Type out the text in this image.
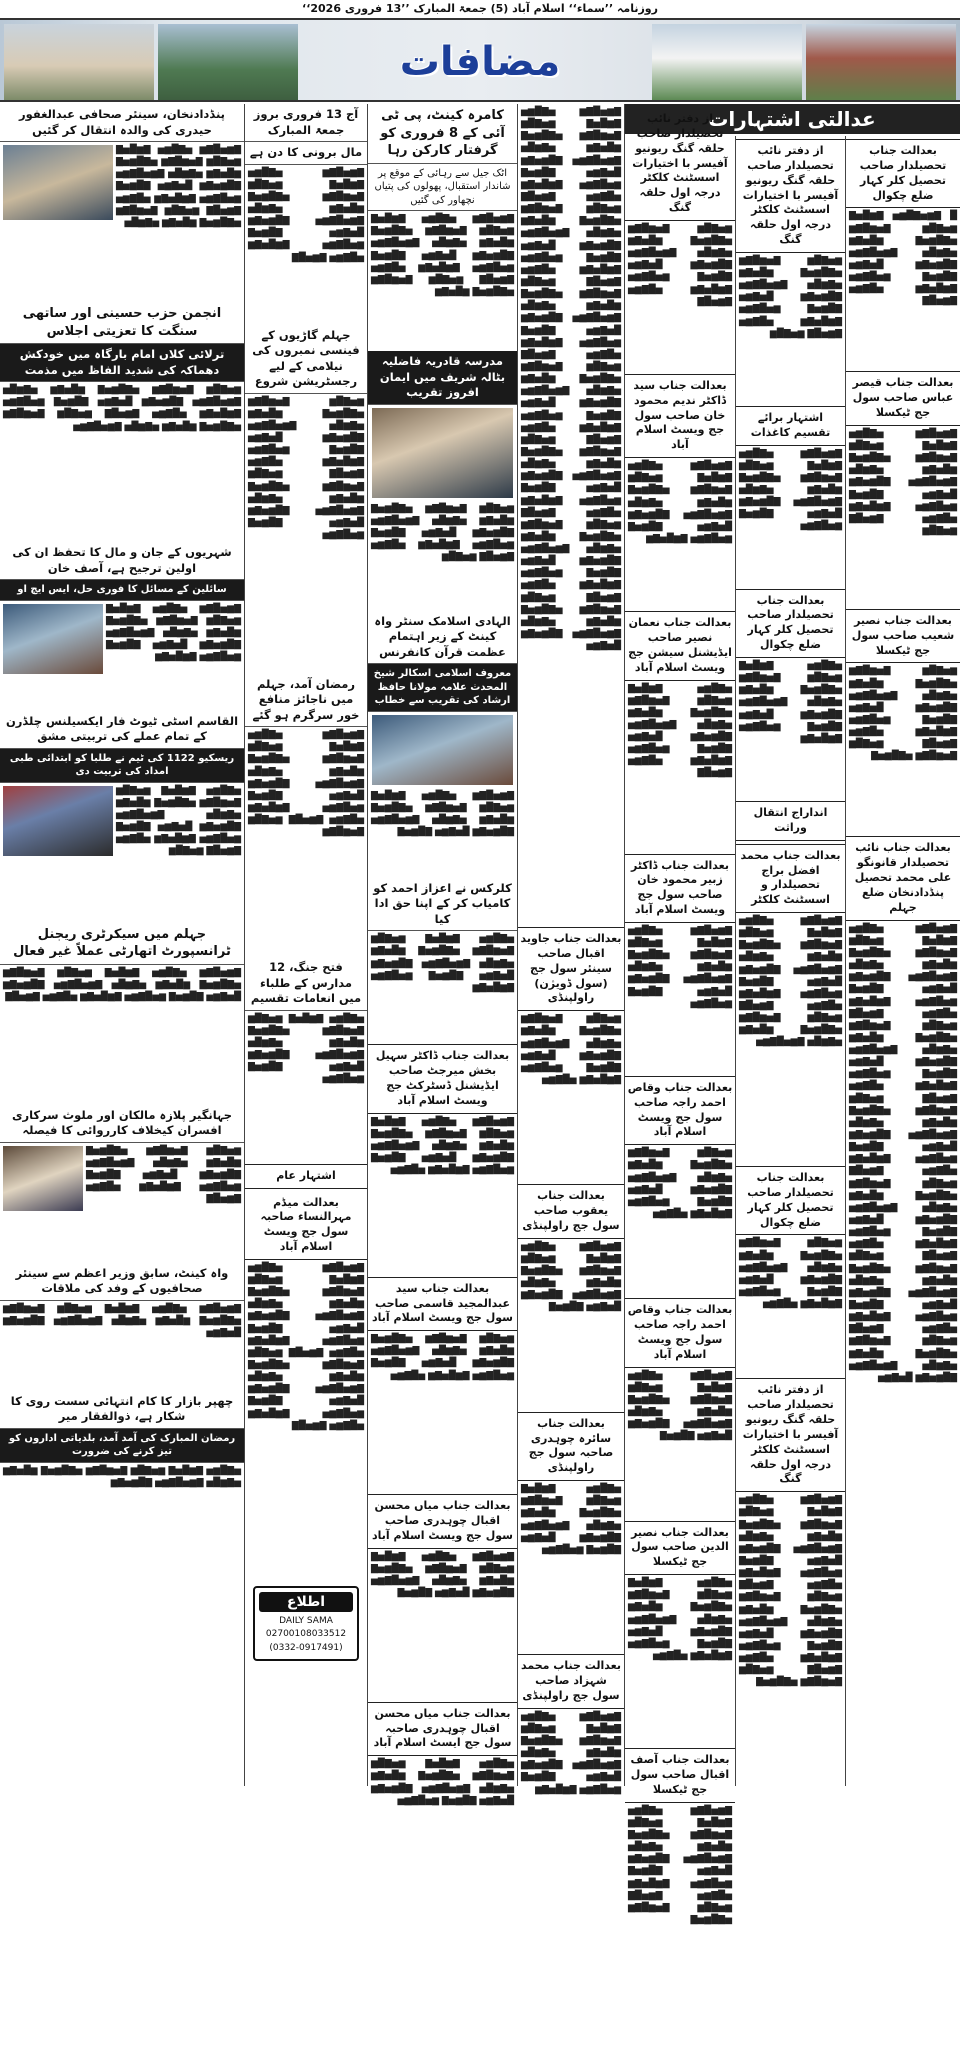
روزنامہ ’’سماء‘‘ اسلام آباد (5) جمعۃ المبارک ’’13 فروری 2026‘‘
مضافات
عدالتی اشتہارات
بعدالت جناب تحصیلدار صاحب تحصیل کلر کہار ضلع چکوال
█ ▇▆▅▇█▆▅ ▇▆█▅▇ ▆▅▇█▆ ▇▅▆█▇▆ ▅▇█▆▅▇ ▆█▅▇▆ ▅▇▆█▅ ▇▆▅█▇▆▅ ▇█▆▅▇▆ █▅▇▆▅ ▇█▆▅▇ ▆▅█▇▆▅ ▇▆█▅▇▆ ▅█▇▆▅ ▇▆▅█▇
بعدالت جناب قیصر عباس صاحب سول جج ٹیکسلا
▇▆▅█▇▆ ▅▇█▆▅ ▇▆█▅▇ ▆▅▇█▆ ▇▅▆█▇▆ ▅▇█▆▅▇ ▆█▅▇▆ ▅▇▆█▅ ▇▆▅█▇▆▅ ▇█▆▅▇▆ █▅▇▆▅ ▇█▆▅▇ ▆▅█▇▆▅ ▇▆█▅▇▆ ▅█▇▆▅ ▇▆▅█▇ ▆▅▇█▆
بعدالت جناب نصیر شعیب صاحب سول جج ٹیکسلا
▆▅▇█▆ ▇▅▆█▇▆ ▅▇█▆▅▇ ▆█▅▇▆ ▅▇▆█▅ ▇▆▅█▇▆▅ ▇█▆▅▇▆ █▅▇▆▅ ▇█▆▅▇ ▆▅█▇▆▅ ▇▆█▅▇▆ ▅█▇▆▅ ▇▆▅█▇ ▆▅▇█▆ ▇▅▆█▇▆ ▅▇█▆▅▇
بعدالت جناب نائب تحصیلدار قانونگو علی محمد تحصیل پنڈدادنخان ضلع جہلم
▇▆▅█▇▆ ▅▇█▆▅ ▇▆█▅▇ ▆▅▇█▆ ▇▅▆█▇▆ ▅▇█▆▅▇ ▆█▅▇▆ ▅▇▆█▅ ▇▆▅█▇▆▅ ▇█▆▅▇▆ █▅▇▆▅ ▇█▆▅▇ ▆▅█▇▆▅ ▇▆█▅▇▆ ▅█▇▆▅ ▇▆▅█▇ ▆▅▇█▆ ▇▅▆█▇▆ ▅▇█▆▅▇ ▆█▅▇▆ ▅▇▆█▅ ▇▆▅█▇▆▅ ▇█▆▅▇▆ █▅▇▆▅ ▇█▆▅▇ ▆▅█▇▆▅ ▇▆█▅▇▆ ▅█▇▆▅ ▇▆▅█▇ ▆▅▇█▆ ▇▅▆█▇▆ ▅▇█▆▅▇ ▆█▅▇▆ ▅▇▆█▅ ▇▆▅█▇▆▅ ▇█▆▅▇▆ █▅▇▆▅ ▇█▆▅▇ ▆▅█▇▆▅ ▇▆█▅▇▆ ▅█▇▆▅ ▇▆▅█▇ ▆▅▇█▆ ▇▅▆█▇▆ ▅▇█▆▅▇ ▆█▅▇▆ ▅▇▆█▅ ▇▆▅█▇▆▅ ▇█▆▅▇▆ █▅▇▆▅ ▇█▆▅▇ ▆▅█▇▆▅ ▇▆█▅▇▆ ▅█▇▆▅ ▇▆▅█▇ ▆▅▇█▆ ▇▅▆█▇▆ ▅▇█▆▅▇ ▆█▅▇▆ ▅▇▆█▅ ▇▆▅█▇▆▅ ▇█▆▅▇▆ █▅▇▆▅ ▇█▆▅▇ ▆▅█▇▆▅ ▇▆█▅▇▆ ▅█▇▆▅ ▇▆▅█▇ ▆▅▇█▆ ▇▅▆█▇▆ ▅▇█▆▅▇ ▆█▅▇▆ ▅▇▆█▅ ▇▆▅█▇▆▅ ▇█▆▅▇▆ █▅▇▆▅
از دفتر نائب تحصیلدار صاحب حلقہ گنگ ریونیو آفیسر با اختیارات اسسٹنٹ کلکٹر درجہ اول حلقہ گنگ
▆▅▇█▆ ▇▅▆█▇▆ ▅▇█▆▅▇ ▆█▅▇▆ ▅▇▆█▅ ▇▆▅█▇▆▅ ▇█▆▅▇▆ █▅▇▆▅ ▇█▆▅▇ ▆▅█▇▆▅ ▇▆█▅▇▆ ▅█▇▆▅ ▇▆▅█▇ ▆▅▇█▆
اشتہار برائے تقسیم کاغذات
▇▆▅█▇▆ ▅▇█▆▅ ▇▆█▅▇ ▆▅▇█▆ ▇▅▆█▇▆ ▅▇█▆▅▇ ▆█▅▇▆ ▅▇▆█▅ ▇▆▅█▇▆▅ ▇█▆▅▇▆ █▅▇▆▅ ▇█▆▅▇ ▆▅█▇▆▅
بعدالت جناب تحصیلدار صاحب تحصیل کلر کہار ضلع چکوال
▅▇█▆▅ ▇▆█▅▇ ▆▅▇█▆ ▇▅▆█▇▆ ▅▇█▆▅▇ ▆█▅▇▆ ▅▇▆█▅ ▇▆▅█▇▆▅ ▇█▆▅▇▆ █▅▇▆▅ ▇█▆▅▇ ▆▅█▇▆▅ ▇▆█▅▇▆
انداراج انتقال وراثت
بعدالت جناب محمد افضل براج تحصیلدار و اسسٹنٹ کلکٹر
▇▆▅█▇▆ ▅▇█▆▅ ▇▆█▅▇ ▆▅▇█▆ ▇▅▆█▇▆ ▅▇█▆▅▇ ▆█▅▇▆ ▅▇▆█▅ ▇▆▅█▇▆▅ ▇█▆▅▇▆ █▅▇▆▅ ▇█▆▅▇ ▆▅█▇▆▅ ▇▆█▅▇▆ ▅█▇▆▅ ▇▆▅█▇ ▆▅▇█▆ ▇▅▆█▇▆ ▅▇█▆▅▇ ▆█▅▇▆ ▅▇▆█▅ ▇▆▅█▇▆▅
بعدالت جناب تحصیلدار صاحب تحصیل کلر کہار ضلع چکوال
▆▅▇█▆ ▇▅▆█▇▆ ▅▇█▆▅▇ ▆█▅▇▆ ▅▇▆█▅ ▇▆▅█▇▆▅ ▇█▆▅▇▆ █▅▇▆▅ ▇█▆▅▇ ▆▅█▇▆▅ ▇▆█▅▇▆ ▅█▇▆▅
از دفتر نائب تحصیلدار صاحب حلقہ گنگ ریونیو آفیسر با اختیارات اسسٹنٹ کلکٹر درجہ اول حلقہ گنگ
▇▆▅█▇▆ ▅▇█▆▅ ▇▆█▅▇ ▆▅▇█▆ ▇▅▆█▇▆ ▅▇█▆▅▇ ▆█▅▇▆ ▅▇▆█▅ ▇▆▅█▇▆▅ ▇█▆▅▇▆ █▅▇▆▅ ▇█▆▅▇ ▆▅█▇▆▅ ▇▆█▅▇▆ ▅█▇▆▅ ▇▆▅█▇ ▆▅▇█▆ ▇▅▆█▇▆ ▅▇█▆▅▇ ▆█▅▇▆ ▅▇▆█▅ ▇▆▅█▇▆▅ ▇█▆▅▇▆ █▅▇▆▅ ▇█▆▅▇ ▆▅█▇▆▅ ▇▆█▅▇▆ ▅█▇▆▅ ▇▆▅█▇ ▆▅▇█▆ ▇▅▆█▇▆ ▅▇█▆▅▇
از دفتر نائب تحصیلدار صاحب حلقہ گنگ ریونیو آفیسر با اختیارات اسسٹنٹ کلکٹر درجہ اول حلقہ گنگ
▆▅▇█▆ ▇▅▆█▇▆ ▅▇█▆▅▇ ▆█▅▇▆ ▅▇▆█▅ ▇▆▅█▇▆▅ ▇█▆▅▇▆ █▅▇▆▅ ▇█▆▅▇ ▆▅█▇▆▅ ▇▆█▅▇▆ ▅█▇▆▅ ▇▆▅█▇
بعدالت جناب سید ڈاکٹر ندیم محمود خان صاحب سول جج ویسٹ اسلام آباد
▇▆▅█▇▆ ▅▇█▆▅ ▇▆█▅▇ ▆▅▇█▆ ▇▅▆█▇▆ ▅▇█▆▅▇ ▆█▅▇▆ ▅▇▆█▅ ▇▆▅█▇▆▅ ▇█▆▅▇▆ █▅▇▆▅ ▇█▆▅▇ ▆▅█▇▆▅ ▇▆█▅▇▆
بعدالت جناب نعمان نصیر صاحب ایڈیشنل سیشن جج ویسٹ اسلام آباد
▅▇█▆▅ ▇▆█▅▇ ▆▅▇█▆ ▇▅▆█▇▆ ▅▇█▆▅▇ ▆█▅▇▆ ▅▇▆█▅ ▇▆▅█▇▆▅ ▇█▆▅▇▆ █▅▇▆▅ ▇█▆▅▇ ▆▅█▇▆▅ ▇▆█▅▇▆ ▅█▇▆▅ ▇▆▅█▇
بعدالت جناب ڈاکٹر زبیر محمود خان صاحب سول جج ویسٹ اسلام آباد
▇▆▅█▇▆ ▅▇█▆▅ ▇▆█▅▇ ▆▅▇█▆ ▇▅▆█▇▆ ▅▇█▆▅▇ ▆█▅▇▆ ▅▇▆█▅ ▇▆▅█▇▆▅ ▇█▆▅▇▆ █▅▇▆▅ ▇█▆▅▇ ▆▅█▇▆▅
بعدالت جناب وقاص احمد راجہ صاحب سول جج ویسٹ اسلام آباد
▆▅▇█▆ ▇▅▆█▇▆ ▅▇█▆▅▇ ▆█▅▇▆ ▅▇▆█▅ ▇▆▅█▇▆▅ ▇█▆▅▇▆ █▅▇▆▅ ▇█▆▅▇ ▆▅█▇▆▅ ▇▆█▅▇▆ ▅█▇▆▅
بعدالت جناب وقاص احمد راجہ صاحب سول جج ویسٹ اسلام آباد
▇▆▅█▇▆ ▅▇█▆▅ ▇▆█▅▇ ▆▅▇█▆ ▇▅▆█▇▆ ▅▇█▆▅▇ ▆█▅▇▆ ▅▇▆█▅ ▇▆▅█▇▆▅ ▇█▆▅▇▆ █▅▇▆▅ ▇█▆▅▇
بعدالت جناب نصیر الدین صاحب سول جج ٹیکسلا
▅▇█▆▅ ▇▆█▅▇ ▆▅▇█▆ ▇▅▆█▇▆ ▅▇█▆▅▇ ▆█▅▇▆ ▅▇▆█▅ ▇▆▅█▇▆▅ ▇█▆▅▇▆ █▅▇▆▅ ▇█▆▅▇ ▆▅█▇▆▅ ▇▆█▅▇▆ ▅█▇▆▅
بعدالت جناب آصف اقبال صاحب سول جج ٹیکسلا
▇▆▅█▇▆ ▅▇█▆▅ ▇▆█▅▇ ▆▅▇█▆ ▇▅▆█▇▆ ▅▇█▆▅▇ ▆█▅▇▆ ▅▇▆█▅ ▇▆▅█▇▆▅ ▇█▆▅▇▆ █▅▇▆▅ ▇█▆▅▇ ▆▅█▇▆▅ ▇▆█▅▇▆ ▅█▇▆▅ ▇▆▅█▇ ▆▅▇█▆ ▇▅▆█▇▆ ▅▇█▆▅▇
کامرہ کینٹ، پی ٹی آئی کے 8 فروری کو گرفتار کارکن رہا
اٹک جیل سے رہائی کے موقع پر شاندار استقبال، پھولوں کی پتیاں نچھاور کی گئیں
▇▆▅█▇▆ ▅▇█▆▅ ▇▆█▅▇ ▆▅▇█▆ ▇▅▆█▇▆ ▅▇█▆▅▇ ▆█▅▇▆ ▅▇▆█▅ ▇▆▅█▇▆▅ ▇█▆▅▇▆ █▅▇▆▅ ▇█▆▅▇ ▆▅█▇▆▅ ▇▆█▅▇▆ ▅█▇▆▅ ▇▆▅█▇ ▆▅▇█▆ ▇▅▆█▇▆ ▅▇█▆▅▇ ▆█▅▇▆
مدرسہ قادریہ فاضلیہ بٹالہ شریف میں ایمان افروز تقریب
▆▅▇█▆ ▇▅▆█▇▆ ▅▇█▆▅▇ ▆█▅▇▆ ▅▇▆█▅ ▇▆▅█▇▆▅ ▇█▆▅▇▆ █▅▇▆▅ ▇█▆▅▇ ▆▅█▇▆▅ ▇▆█▅▇▆ ▅█▇▆▅ ▇▆▅█▇ ▆▅▇█▆
الہادی اسلامک سنٹر واہ کینٹ کے زیر اہتمام عظمت قرآن کانفرنس
معروف اسلامی اسکالر شیخ المحدث علامہ مولانا حافظ ارشاد کی تقریب سے خطاب
▇▆▅█▇▆ ▅▇█▆▅ ▇▆█▅▇ ▆▅▇█▆ ▇▅▆█▇▆ ▅▇█▆▅▇ ▆█▅▇▆ ▅▇▆█▅ ▇▆▅█▇▆▅ ▇█▆▅▇▆ █▅▇▆▅ ▇█▆▅▇
کلرکس نے اعزاز احمد کو کامیاب کر کے اپنا حق ادا کیا
▅▇█▆▅ ▇▆█▅▇ ▆▅▇█▆ ▇▅▆█▇▆ ▅▇█▆▅▇ ▆█▅▇▆ ▅▇▆█▅ ▇▆▅█▇▆▅ ▇█▆▅▇▆ █▅▇▆▅ ▇█▆▅▇ ▆▅█▇▆▅ ▇▆█▅▇▆
بعدالت جناب ڈاکٹر سہیل بخش میرجٹ صاحب ایڈیشنل ڈسٹرکٹ جج ویسٹ اسلام آباد
▇▆▅█▇▆ ▅▇█▆▅ ▇▆█▅▇ ▆▅▇█▆ ▇▅▆█▇▆ ▅▇█▆▅▇ ▆█▅▇▆ ▅▇▆█▅ ▇▆▅█▇▆▅ ▇█▆▅▇▆ █▅▇▆▅ ▇█▆▅▇ ▆▅█▇▆▅ ▇▆█▅▇▆ ▅█▇▆▅
بعدالت جناب سید عبدالمجید قاسمی صاحب سول جج ویسٹ اسلام آباد
▆▅▇█▆ ▇▅▆█▇▆ ▅▇█▆▅▇ ▆█▅▇▆ ▅▇▆█▅ ▇▆▅█▇▆▅ ▇█▆▅▇▆ █▅▇▆▅ ▇█▆▅▇ ▆▅█▇▆▅ ▇▆█▅▇▆ ▅█▇▆▅
بعدالت جناب میاں محسن اقبال چوہدری صاحب سول جج ویسٹ اسلام آباد
▇▆▅█▇▆ ▅▇█▆▅ ▇▆█▅▇ ▆▅▇█▆ ▇▅▆█▇▆ ▅▇█▆▅▇ ▆█▅▇▆ ▅▇▆█▅ ▇▆▅█▇▆▅ ▇█▆▅▇▆ █▅▇▆▅ ▇█▆▅▇
بعدالت جناب میاں محسن اقبال چوہدری صاحبہ سول جج ایسٹ اسلام آباد
▅▇█▆▅ ▇▆█▅▇ ▆▅▇█▆ ▇▅▆█▇▆ ▅▇█▆▅▇ ▆█▅▇▆ ▅▇▆█▅ ▇▆▅█▇▆▅ ▇█▆▅▇▆ █▅▇▆▅ ▇█▆▅▇ ▆▅█▇▆▅
▇▆▅█▇▆ ▅▇█▆▅ ▇▆█▅▇ ▆▅▇█▆ ▇▅▆█▇▆ ▅▇█▆▅▇ ▆█▅▇▆ ▅▇▆█▅ ▇▆▅█▇▆▅ ▇█▆▅▇▆ █▅▇▆▅ ▇█▆▅▇ ▆▅█▇▆▅ ▇▆█▅▇▆ ▅█▇▆▅ ▇▆▅█▇ ▆▅▇█▆ ▇▅▆█▇▆ ▅▇█▆▅▇ ▆█▅▇▆ ▅▇▆█▅ ▇▆▅█▇▆▅ ▇█▆▅▇▆ █▅▇▆▅ ▇█▆▅▇ ▆▅█▇▆▅ ▇▆█▅▇▆ ▅█▇▆▅ ▇▆▅█▇ ▆▅▇█▆ ▇▅▆█▇▆ ▅▇█▆▅▇ ▆█▅▇▆ ▅▇▆█▅ ▇▆▅█▇▆▅ ▇█▆▅▇▆ █▅▇▆▅ ▇█▆▅▇ ▆▅█▇▆▅ ▇▆█▅▇▆ ▅█▇▆▅ ▇▆▅█▇ ▆▅▇█▆ ▇▅▆█▇▆ ▅▇█▆▅▇ ▆█▅▇▆ ▅▇▆█▅ ▇▆▅█▇▆▅ ▇█▆▅▇▆ █▅▇▆▅ ▇█▆▅▇ ▆▅█▇▆▅ ▇▆█▅▇▆ ▅█▇▆▅ ▇▆▅█▇ ▆▅▇█▆ ▇▅▆█▇▆ ▅▇█▆▅▇ ▆█▅▇▆ ▅▇▆█▅ ▇▆▅█▇▆▅ ▇█▆▅▇▆ █▅▇▆▅ ▇█▆▅▇ ▆▅█▇▆▅ ▇▆█▅▇▆ ▅█▇▆▅ ▇▆▅█▇ ▆▅▇█▆ ▇▅▆█▇▆ ▅▇█▆▅▇ ▆█▅▇▆ ▅▇▆█▅ ▇▆▅█▇▆▅ ▇█▆▅▇▆ █▅▇▆▅ ▇█▆▅▇ ▆▅█▇▆▅ ▇▆█▅▇▆ ▅█▇▆▅ ▇▆▅█▇ ▆▅▇█▆ ▇▅▆█▇▆ ▅▇█▆▅▇ ▆█▅▇▆ ▅▇▆█▅ ▇▆▅█▇▆▅ ▇█▆▅▇▆ █▅▇▆▅
بعدالت جناب جاوید اقبال صاحب سینئر سول جج (سول ڈویژن) راولپنڈی
▆▅▇█▆ ▇▅▆█▇▆ ▅▇█▆▅▇ ▆█▅▇▆ ▅▇▆█▅ ▇▆▅█▇▆▅ ▇█▆▅▇▆ █▅▇▆▅ ▇█▆▅▇ ▆▅█▇▆▅ ▇▆█▅▇▆ ▅█▇▆▅
بعدالت جناب یعقوب صاحب سول جج راولپنڈی
▇▆▅█▇▆ ▅▇█▆▅ ▇▆█▅▇ ▆▅▇█▆ ▇▅▆█▇▆ ▅▇█▆▅▇ ▆█▅▇▆ ▅▇▆█▅ ▇▆▅█▇▆▅ ▇█▆▅▇▆ █▅▇▆▅ ▇█▆▅▇
بعدالت جناب سائرہ چوہدری صاحبہ سول جج راولپنڈی
▅▇█▆▅ ▇▆█▅▇ ▆▅▇█▆ ▇▅▆█▇▆ ▅▇█▆▅▇ ▆█▅▇▆ ▅▇▆█▅ ▇▆▅█▇▆▅ ▇█▆▅▇▆ █▅▇▆▅ ▇█▆▅▇ ▆▅█▇▆▅
بعدالت جناب محمد شہزاد صاحب سول جج راولپنڈی
▇▆▅█▇▆ ▅▇█▆▅ ▇▆█▅▇ ▆▅▇█▆ ▇▅▆█▇▆ ▅▇█▆▅▇ ▆█▅▇▆ ▅▇▆█▅ ▇▆▅█▇▆▅ ▇█▆▅▇▆ █▅▇▆▅ ▇█▆▅▇ ▆▅█▇▆▅ ▇▆█▅▇▆
آج 13 فروری بروز جمعۃ المبارک
مال برونی کا دن ہے
▇▆▅█▇▆ ▅▇█▆▅ ▇▆█▅▇ ▆▅▇█▆ ▇▅▆█▇▆ ▅▇█▆▅▇ ▆█▅▇▆ ▅▇▆█▅ ▇▆▅█▇▆▅ ▇█▆▅▇▆ █▅▇▆▅ ▇█▆▅▇ ▆▅█▇▆▅ ▇▆█▅▇▆ ▅█▇▆▅ ▇▆▅█▇
جہلم گاڑیوں کے فینسی نمبروں کی نیلامی کے لیے رجسٹریشن شروع
▆▅▇█▆ ▇▅▆█▇▆ ▅▇█▆▅▇ ▆█▅▇▆ ▅▇▆█▅ ▇▆▅█▇▆▅ ▇█▆▅▇▆ █▅▇▆▅ ▇█▆▅▇ ▆▅█▇▆▅ ▇▆█▅▇▆ ▅█▇▆▅ ▇▆▅█▇ ▆▅▇█▆ ▇▅▆█▇▆ ▅▇█▆▅▇ ▆█▅▇▆ ▅▇▆█▅ ▇▆▅█▇▆▅ ▇█▆▅▇▆ █▅▇▆▅ ▇█▆▅▇ ▆▅█▇▆▅
رمضان آمد، جہلم میں ناجائز منافع خور سرگرم ہو گئے
▇▆▅█▇▆ ▅▇█▆▅ ▇▆█▅▇ ▆▅▇█▆ ▇▅▆█▇▆ ▅▇█▆▅▇ ▆█▅▇▆ ▅▇▆█▅ ▇▆▅█▇▆▅ ▇█▆▅▇▆ █▅▇▆▅ ▇█▆▅▇ ▆▅█▇▆▅ ▇▆█▅▇▆ ▅█▇▆▅ ▇▆▅█▇ ▆▅▇█▆ ▇▅▆█▇▆
فتح جنگ، 12 مدارس کے طلباء میں انعامات تقسیم
▅▇█▆▅ ▇▆█▅▇ ▆▅▇█▆ ▇▅▆█▇▆ ▅▇█▆▅▇ ▆█▅▇▆ ▅▇▆█▅ ▇▆▅█▇▆▅ ▇█▆▅▇▆ █▅▇▆▅ ▇█▆▅▇ ▆▅█▇▆▅
اشتہار عام
بعدالت میڈم مہرالنساء صاحبہ سول جج ویسٹ اسلام آباد
▇▆▅█▇▆ ▅▇█▆▅ ▇▆█▅▇ ▆▅▇█▆ ▇▅▆█▇▆ ▅▇█▆▅▇ ▆█▅▇▆ ▅▇▆█▅ ▇▆▅█▇▆▅ ▇█▆▅▇▆ █▅▇▆▅ ▇█▆▅▇ ▆▅█▇▆▅ ▇▆█▅▇▆ ▅█▇▆▅ ▇▆▅█▇ ▆▅▇█▆ ▇▅▆█▇▆ ▅▇█▆▅▇ ▆█▅▇▆ ▅▇▆█▅ ▇▆▅█▇▆▅ ▇█▆▅▇▆ █▅▇▆▅ ▇█▆▅▇ ▆▅█▇▆▅ ▇▆█▅▇▆ ▅█▇▆▅ ▇▆▅█▇
اطلاع
DAILY SAMA
02700108033512
(0332-0917491)
پنڈدادنخان، سینئر صحافی عبدالغفور حیدری کی والدہ انتقال کر گئیں
▇▆▅█▇▆ ▅▇█▆▅ ▇▆█▅▇ ▆▅▇█▆ ▇▅▆█▇▆ ▅▇█▆▅▇ ▆█▅▇▆ ▅▇▆█▅ ▇▆▅█▇▆▅ ▇█▆▅▇▆ █▅▇▆▅ ▇█▆▅▇ ▆▅█▇▆▅ ▇▆█▅▇▆ ▅█▇▆▅ ▇▆▅█▇ ▆▅▇█▆ ▇▅▆█▇▆ ▅▇█▆▅▇ ▆█▅▇▆ ▅▇▆█▅
انجمن حزب حسینی اور ساتھی سنگت کا تعزیتی اجلاس
ترلائی کلاں امام بارگاہ میں خودکش دھماکہ کی شدید الفاظ میں مذمت
▆▅▇█▆ ▇▅▆█▇▆ ▅▇█▆▅▇ ▆█▅▇▆ ▅▇▆█▅ ▇▆▅█▇▆▅ ▇█▆▅▇▆ █▅▇▆▅ ▇█▆▅▇ ▆▅█▇▆▅ ▇▆█▅▇▆ ▅█▇▆▅ ▇▆▅█▇ ▆▅▇█▆ ▇▅▆█▇▆ ▅▇█▆▅▇ ▆█▅▇▆ ▅▇▆█▅ ▇▆▅█▇▆▅
شہریوں کے جان و مال کا تحفظ ان کی اولین ترجیح ہے، آصف خان
سائلین کے مسائل کا فوری حل، ایس ایچ او
▇▆▅█▇▆ ▅▇█▆▅ ▇▆█▅▇ ▆▅▇█▆ ▇▅▆█▇▆ ▅▇█▆▅▇ ▆█▅▇▆ ▅▇▆█▅ ▇▆▅█▇▆▅ ▇█▆▅▇▆ █▅▇▆▅ ▇█▆▅▇ ▆▅█▇▆▅ ▇▆█▅▇▆
القاسم اسٹی ٹیوٹ فار ایکسیلنس چلڈرن کے تمام عملے کی تربیتی مشق
ریسکیو 1122 کی ٹیم نے طلبا کو ابتدائی طبی امداد کی تربیت دی
▅▇█▆▅ ▇▆█▅▇ ▆▅▇█▆ ▇▅▆█▇▆ ▅▇█▆▅▇ ▆█▅▇▆ ▅▇▆█▅ ▇▆▅█▇▆▅ ▇█▆▅▇▆ █▅▇▆▅ ▇█▆▅▇ ▆▅█▇▆▅ ▇▆█▅▇▆ ▅█▇▆▅ ▇▆▅█▇ ▆▅▇█▆
جہلم میں سیکرٹری ریجنل ٹرانسپورٹ اتھارٹی عملاً غیر فعال
▇▆▅█▇▆ ▅▇█▆▅ ▇▆█▅▇ ▆▅▇█▆ ▇▅▆█▇▆ ▅▇█▆▅▇ ▆█▅▇▆ ▅▇▆█▅ ▇▆▅█▇▆▅ ▇█▆▅▇▆ █▅▇▆▅ ▇█▆▅▇ ▆▅█▇▆▅ ▇▆█▅▇▆ ▅█▇▆▅ ▇▆▅█▇
جہانگیر پلازہ مالکان اور ملوث سرکاری افسران کیخلاف کارروائی کا فیصلہ
▆▅▇█▆ ▇▅▆█▇▆ ▅▇█▆▅▇ ▆█▅▇▆ ▅▇▆█▅ ▇▆▅█▇▆▅ ▇█▆▅▇▆ █▅▇▆▅ ▇█▆▅▇ ▆▅█▇▆▅ ▇▆█▅▇▆ ▅█▇▆▅ ▇▆▅█▇
واہ کینٹ، سابق وزیر اعظم سے سینئر صحافیوں کے وفد کی ملاقات
▇▆▅█▇▆ ▅▇█▆▅ ▇▆█▅▇ ▆▅▇█▆ ▇▅▆█▇▆ ▅▇█▆▅▇ ▆█▅▇▆ ▅▇▆█▅ ▇▆▅█▇▆▅ ▇█▆▅▇▆ █▅▇▆▅
چھپر بازار کا کام انتہائی سست روی کا شکار ہے، ذوالفقار میر
رمضان المبارک کی آمد آمد، بلدیاتی اداروں کو تیز کرنے کی ضرورت
▅▇█▆▅ ▇▆█▅▇ ▆▅▇█▆ ▇▅▆█▇▆ ▅▇█▆▅▇ ▆█▅▇▆ ▅▇▆█▅ ▇▆▅█▇▆▅ ▇█▆▅▇▆
